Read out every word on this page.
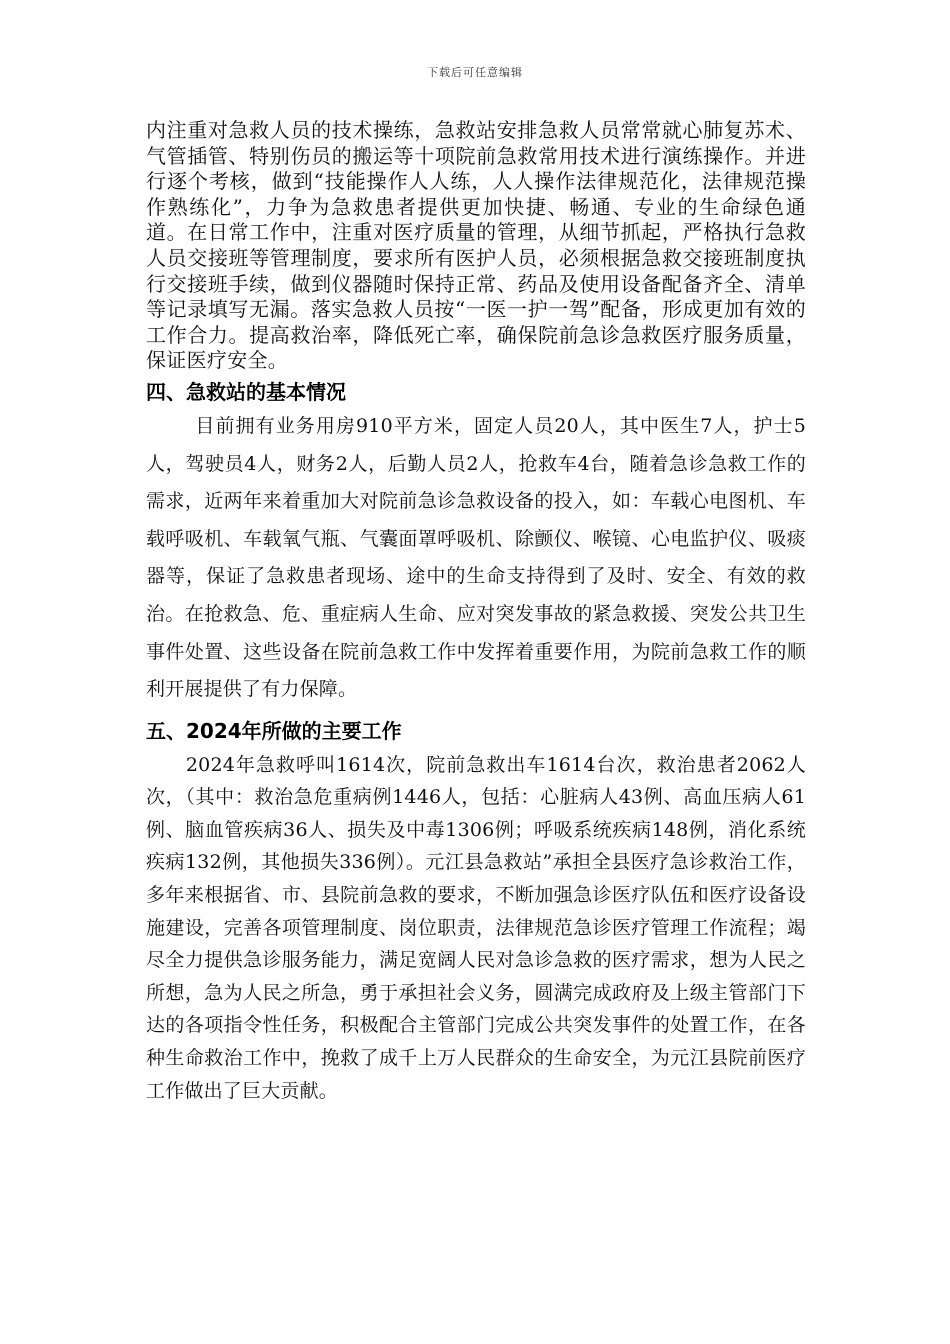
下载后可任意编辑

内注重对急救人员的技术操练，急救站安排急救人员常常就心肺复苏术、气管插管、特别伤员的搬运等十项院前急救常用技术进行演练操作。并进行逐个考核，做到“技能操作人人练，人人操作法律规范化，法律规范操作熟练化”，力争为急救患者提供更加快捷、畅通、专业的生命绿色通道。在日常工作中，注重对医疗质量的管理，从细节抓起，严格执行急救人员交接班等管理制度，要求所有医护人员，必须根据急救交接班制度执行交接班手续，做到仪器随时保持正常、药品及使用设备配备齐全、清单等记录填写无漏。落实急救人员按“一医一护一驾”配备，形成更加有效的工作合力。提高救治率，降低死亡率，确保院前急诊急救医疗服务质量，保证医疗安全。

四、急救站的基本情况

目前拥有业务用房910平方米，固定人员20人，其中医生7人，护士5人，驾驶员4人，财务2人，后勤人员2人，抢救车4台，随着急诊急救工作的需求，近两年来着重加大对院前急诊急救设备的投入，如：车载心电图机、车载呼吸机、车载氧气瓶、气囊面罩呼吸机、除颤仪、喉镜、心电监护仪、吸痰器等，保证了急救患者现场、途中的生命支持得到了及时、安全、有效的救治。在抢救急、危、重症病人生命、应对突发事故的紧急救援、突发公共卫生事件处置、这些设备在院前急救工作中发挥着重要作用，为院前急救工作的顺利开展提供了有力保障。

五、2024年所做的主要工作

2024年急救呼叫1614次，院前急救出车1614台次，救治患者2062人次，（其中：救治急危重病例1446人，包括：心脏病人43例、高血压病人61例、脑血管疾病36人、损失及中毒1306例；呼吸系统疾病148例，消化系统疾病132例，其他损失336例）。元江县急救站”承担全县医疗急诊救治工作，多年来根据省、市、县院前急救的要求，不断加强急诊医疗队伍和医疗设备设施建设，完善各项管理制度、岗位职责，法律规范急诊医疗管理工作流程；竭尽全力提供急诊服务能力，满足宽阔人民对急诊急救的医疗需求，想为人民之所想，急为人民之所急，勇于承担社会义务，圆满完成政府及上级主管部门下达的各项指令性任务，积极配合主管部门完成公共突发事件的处置工作，在各种生命救治工作中，挽救了成千上万人民群众的生命安全，为元江县院前医疗工作做出了巨大贡献。
